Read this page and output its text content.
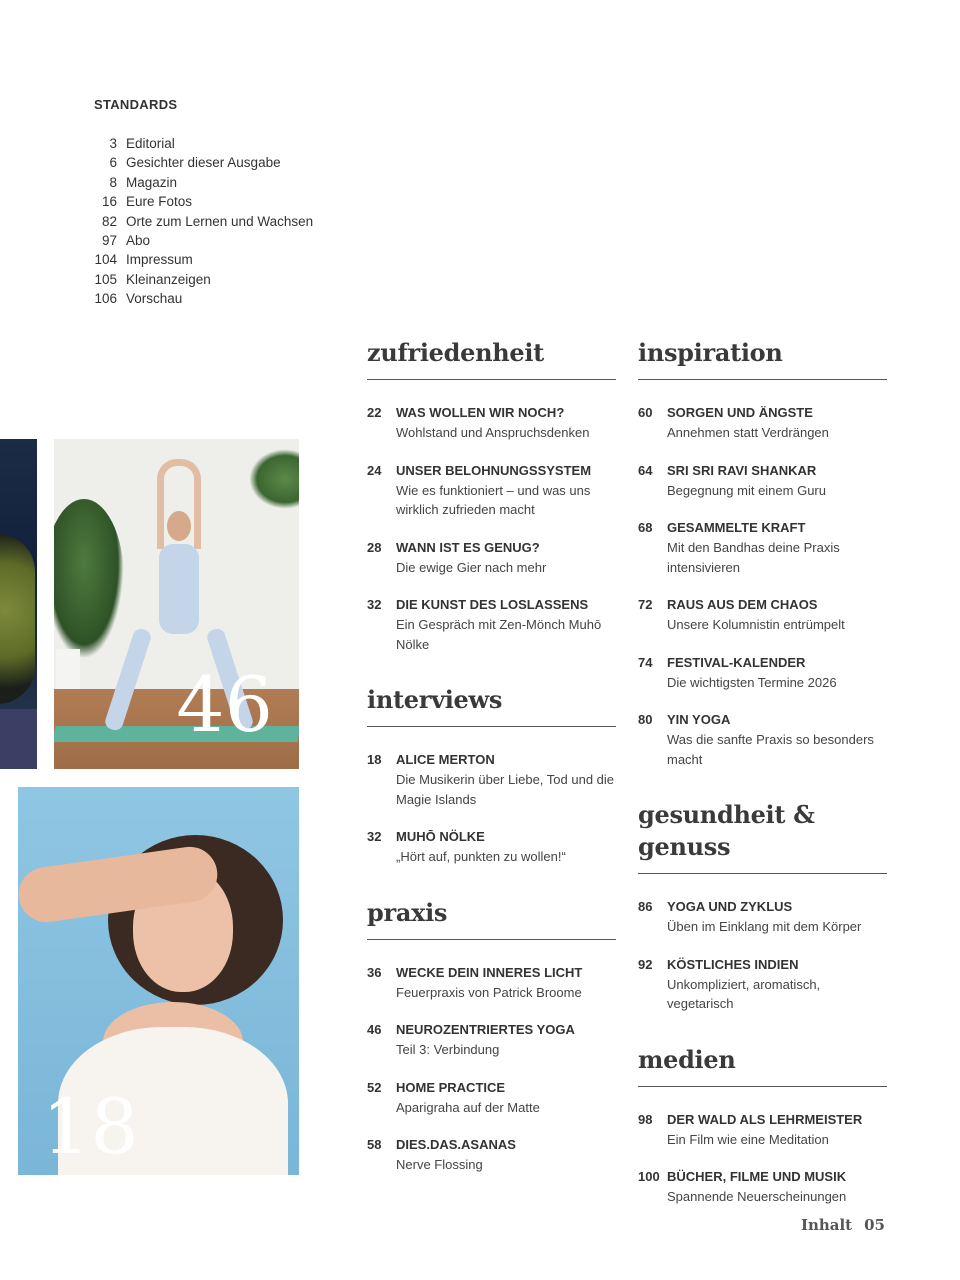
STANDARDS
3 Editorial
6 Gesichter dieser Ausgabe
8 Magazin
16 Eure Fotos
82 Orte zum Lernen und Wachsen
97 Abo
104 Impressum
105 Kleinanzeigen
106 Vorschau
46
18
zufriedenheit
22	WAS WOLLEN WIR NOCH?
Wohlstand und Anspruchsdenken
24	UNSER BELOHNUNGSSYSTEM
Wie es funktioniert – und was uns wirklich zufrieden macht
28	WANN IST ES GENUG?
Die ewige Gier nach mehr
32	DIE KUNST DES LOSLASSENS
Ein Gespräch mit Zen-Mönch Muhō Nölke
interviews
18	ALICE MERTON
Die Musikerin über Liebe, Tod und die Magie Islands
32	MUHŌ NÖLKE
„Hört auf, punkten zu wollen!“
praxis
36	WECKE DEIN INNERES LICHT
Feuerpraxis von Patrick Broome
46	NEUROZENTRIERTES YOGA
Teil 3: Verbindung
52	HOME PRACTICE
Aparigraha auf der Matte
58	DIES.DAS.ASANAS
Nerve Flossing
inspiration
60	SORGEN UND ÄNGSTE
Annehmen statt Verdrängen
64	SRI SRI RAVI SHANKAR
Begegnung mit einem Guru
68	GESAMMELTE KRAFT
Mit den Bandhas deine Praxis intensivieren
72	RAUS AUS DEM CHAOS
Unsere Kolumnistin entrümpelt
74	FESTIVAL-KALENDER
Die wichtigsten Termine 2026
80	YIN YOGA
Was die sanfte Praxis so besonders macht
gesundheit & genuss
86	YOGA UND ZYKLUS
Üben im Einklang mit dem Körper
92	KÖSTLICHES INDIEN
Unkompliziert, aromatisch, vegetarisch
medien
98	DER WALD ALS LEHRMEISTER
Ein Film wie eine Meditation
100 BÜCHER, FILME UND MUSIK
Spannende Neuerscheinungen
Inhalt 05
